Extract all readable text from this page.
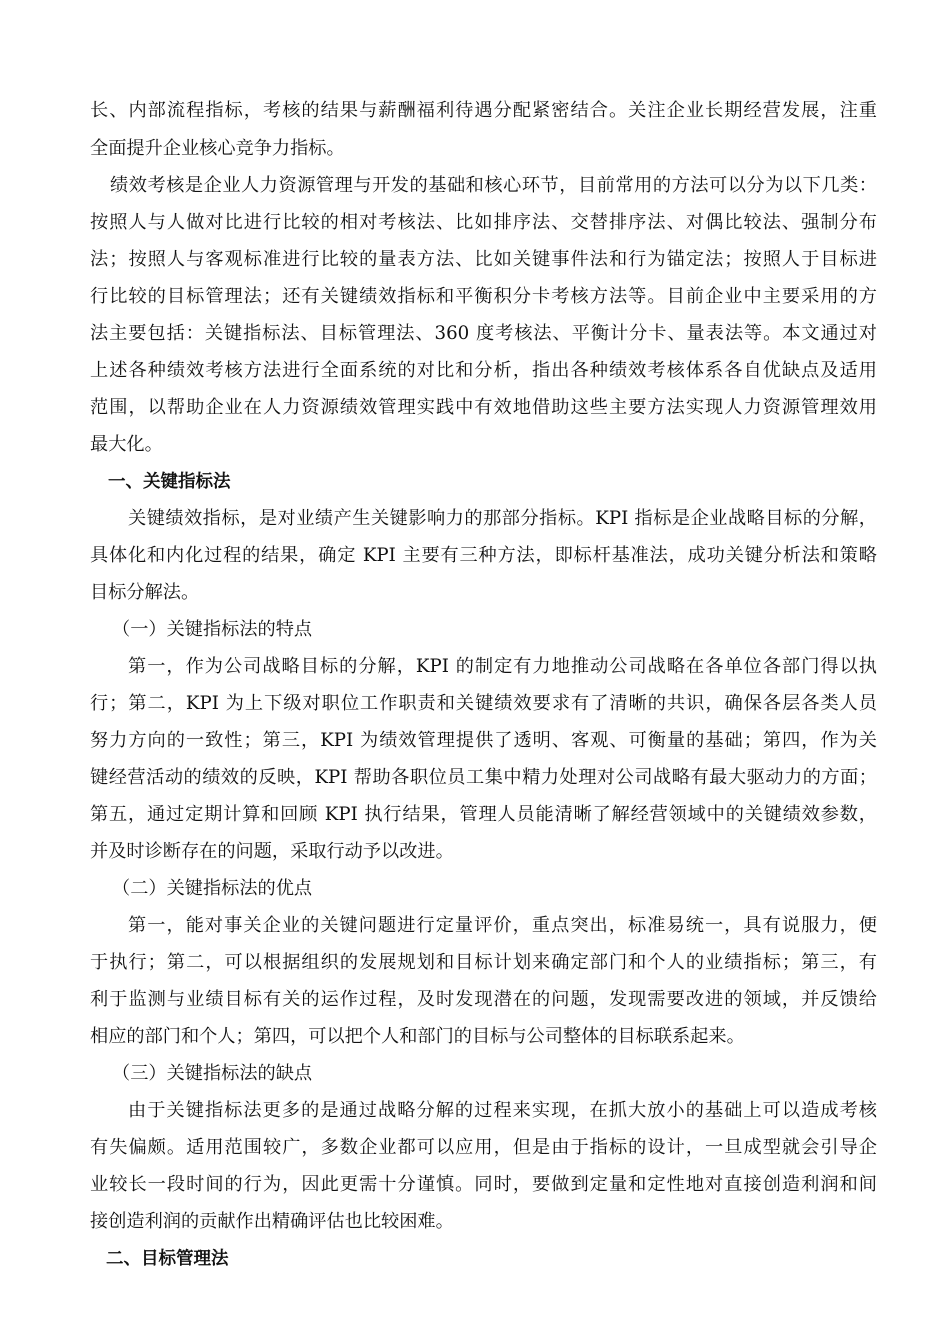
长、内部流程指标，考核的结果与薪酬福利待遇分配紧密结合。关注企业长期经营发展，注重
全面提升企业核心竞争力指标。
绩效考核是企业人力资源管理与开发的基础和核心环节，目前常用的方法可以分为以下几类：
按照人与人做对比进行比较的相对考核法、比如排序法、交替排序法、对偶比较法、强制分布
法；按照人与客观标准进行比较的量表方法、比如关键事件法和行为锚定法；按照人于目标进
行比较的目标管理法；还有关键绩效指标和平衡积分卡考核方法等。目前企业中主要采用的方
法主要包括：关键指标法、目标管理法、360 度考核法、平衡计分卡、量表法等。本文通过对
上述各种绩效考核方法进行全面系统的对比和分析，指出各种绩效考核体系各自优缺点及适用
范围，以帮助企业在人力资源绩效管理实践中有效地借助这些主要方法实现人力资源管理效用
最大化。
一、关键指标法
关键绩效指标，是对业绩产生关键影响力的那部分指标。KPI 指标是企业战略目标的分解，
具体化和内化过程的结果，确定 KPI 主要有三种方法，即标杆基准法，成功关键分析法和策略
目标分解法。
（一）关键指标法的特点
第一，作为公司战略目标的分解，KPI 的制定有力地推动公司战略在各单位各部门得以执
行；第二，KPI 为上下级对职位工作职责和关键绩效要求有了清晰的共识，确保各层各类人员
努力方向的一致性；第三，KPI 为绩效管理提供了透明、客观、可衡量的基础；第四，作为关
键经营活动的绩效的反映，KPI 帮助各职位员工集中精力处理对公司战略有最大驱动力的方面；
第五，通过定期计算和回顾 KPI 执行结果，管理人员能清晰了解经营领域中的关键绩效参数，
并及时诊断存在的问题，采取行动予以改进。
（二）关键指标法的优点
第一，能对事关企业的关键问题进行定量评价，重点突出，标准易统一，具有说服力，便
于执行；第二，可以根据组织的发展规划和目标计划来确定部门和个人的业绩指标；第三，有
利于监测与业绩目标有关的运作过程，及时发现潜在的问题，发现需要改进的领域，并反馈给
相应的部门和个人；第四，可以把个人和部门的目标与公司整体的目标联系起来。
（三）关键指标法的缺点
由于关键指标法更多的是通过战略分解的过程来实现，在抓大放小的基础上可以造成考核
有失偏颇。适用范围较广，多数企业都可以应用，但是由于指标的设计，一旦成型就会引导企
业较长一段时间的行为，因此更需十分谨慎。同时，要做到定量和定性地对直接创造利润和间
接创造利润的贡献作出精确评估也比较困难。
二、目标管理法
